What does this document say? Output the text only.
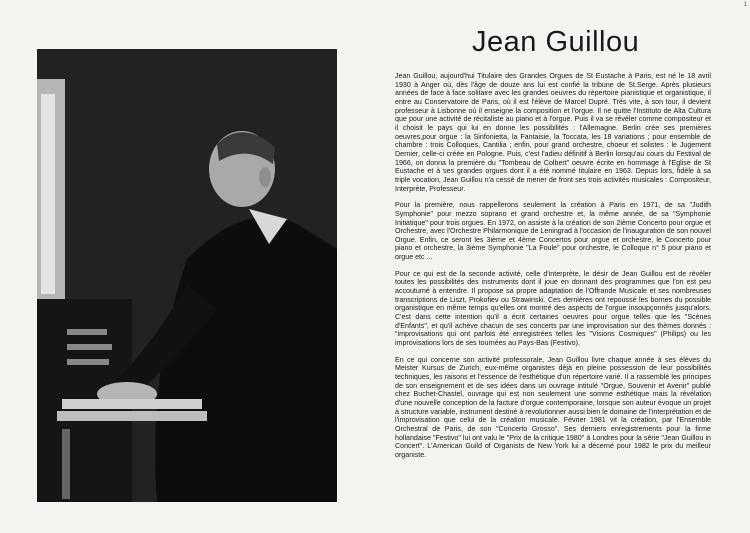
1
Jean Guillou

Jean Guillou, aujourd'hui Titulaire des Grandes Orgues de St Eustache à Paris, est né le 18 avril 1930 à Anger où, dès l'âge de douze ans lui est confié la tribune de St.Serge. Après plusieurs années de face à face solitaire avec les grandes oeuvres du répertoire pianistique et organistique, il entre au Conservatoire de Paris, où il est l'élève de Marcel Dupré. Très vite, à son tour, il devient professeur à Lisbonne où il enseigne la composition et l'orgue. Il ne quitte l'Instituto de Alta Cultura que pour une activité de récitaliste au piano et à l'orgue. Puis il va se révéler comme compositeur et il choisit le pays qui lui en donne les possibilités : l'Allemagne. Berlin crée ses premières oeuvres,pour orgue : la Sinfonietta, la Fantaisie, la Toccata, les 18 variations ; pour ensemble de chambre : trois Colloques, Cantilia ; enfin, pour grand orchestre, choeur et solistes : le Jugement Dernier, celle-ci créée en Pologne. Puis, c'est l'adieu définitif à Berlin lorsqu'au cours du Festival de 1966, on donna la première du "Tombeau de Colbert" oeuvre écrite en hommage à l'Eglise de St Eustache et à ses grandes orgues dont il a été nommé titulaire en 1963. Depuis lors, fidèle à sa triple vocation, Jean Guillou n'a cessé de mener de front ses trois activités musicales : Compositeur, Interprète, Professeur.

Pour la première, nous rappellerons seulement la création à Paris en 1971, de sa "Judith Symphonie" pour mezzo soprano et grand orchestre et, la même année, de sa "Symphonie Initiatique" pour trois orgues. En 1972, on assiste à la création de son 2ième Concerto pour orgue et Orchestre, avec l'Orchestre Philarmonique de Leningrad à l'occasion de l'inauguration de son nouvel Orgue. Enfin, ce seront les 3ième et 4ème Concertos pour orgue et orchestre, le Concerto pour piano et orchestre, la 3ième Symphonie "La Foule" pour orchestre, le Colloque n° 5 pour piano et orgue etc ...

Pour ce qui est de la seconde activité, celle d'interprète, le désir de Jean Guillou est de révéler toutes les possibilités des instruments dont il joue en donnant des programmes que l'on est peu accoutumé à entendre. Il propose sa propre adaptation de l'Offrande Musicale et ses nombreuses transcriptions de Liszt, Prokofiev ou Strawinski. Ces dernières ont repoussé les bornes du possible organistique en même temps qu'elles ont montré des aspects de l'orgue insoupçonnés jusqu'alors. C'est dans cette intention qu'il a écrit certaines oeuvres pour orgue telles que les "Scènes d'Enfants", et qu'il achève chacun de ses concerts par une improvisation sur des thèmes donnés : "improvisations qui ont parfois été enregistrées telles les "Visions Cosmiques" (Philips) ou les improvisations lors de ses tournées au Pays-Bas (Festivo).

En ce qui concerne son activité professorale, Jean Guillou livre chaque année à ses élèves du Meister Kursus de Zurich, eux-même organistes déjà en pleine possession de leur possibilités techniques, les raisons et l'essence de l'esthétique d'un répertoire varié. Il a rassemblé les principes de son enseignement et de ses idées dans un ouvrage intitulé "Orgue, Souvenir et Avenir" publié chez Buchet-Chastel, ouvrage qui est non seulement une somme esthétique mais la révélation d'une nouvelle conception de la facture d'orgue contemporaine, lorsque son auteur évoque un projet à structure variable, instrument destiné à revolutionner aussi bien le domaine de l'interprétation et de l'improvisation que celui de la création musicale. Février 1981 vit la création, par l'Ensemble Orchestral de Paris, de son "Concerto Grosso". Ses derniers enregistrements pour la firme hollandaise "Festivo" lui ont valu le "Prix de la critique 1980" à Londres pour la série "Jean Guillou in Concert". L'American Guild of Organists de New York lui a décerné pour 1982 le prix du meilleur organiste.
